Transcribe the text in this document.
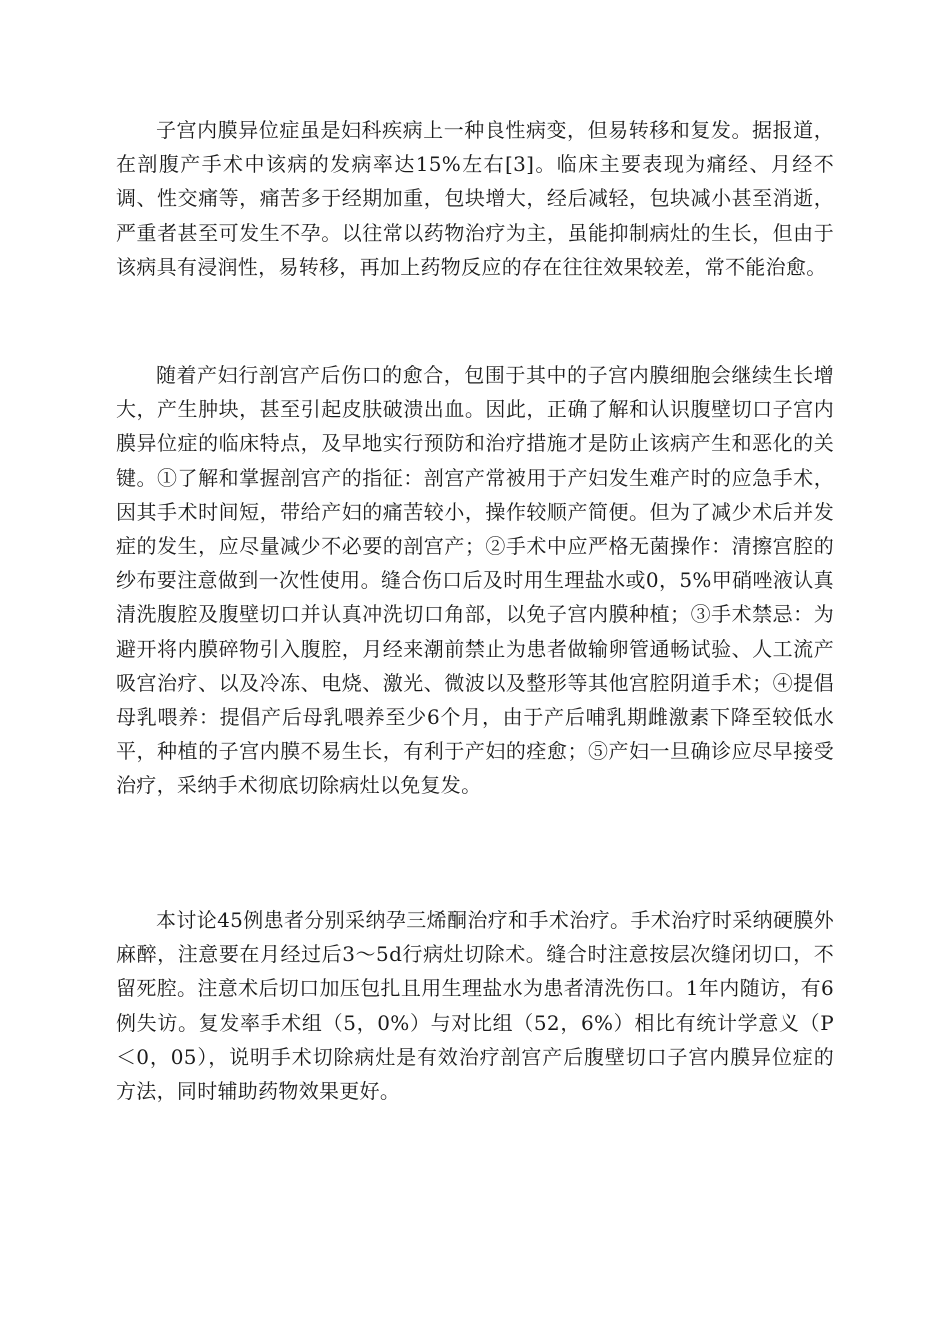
子宫内膜异位症虽是妇科疾病上一种良性病变，但易转移和复发。据报道，在剖腹产手术中该病的发病率达15%左右[3]。临床主要表现为痛经、月经不调、性交痛等，痛苦多于经期加重，包块增大，经后减轻，包块减小甚至消逝，严重者甚至可发生不孕。以往常以药物治疗为主，虽能抑制病灶的生长，但由于该病具有浸润性，易转移，再加上药物反应的存在往往效果较差，常不能治愈。

随着产妇行剖宫产后伤口的愈合，包围于其中的子宫内膜细胞会继续生长增大，产生肿块，甚至引起皮肤破溃出血。因此，正确了解和认识腹壁切口子宫内膜异位症的临床特点，及早地实行预防和治疗措施才是防止该病产生和恶化的关键。①了解和掌握剖宫产的指征：剖宫产常被用于产妇发生难产时的应急手术，因其手术时间短，带给产妇的痛苦较小，操作较顺产简便。但为了减少术后并发症的发生，应尽量减少不必要的剖宫产；②手术中应严格无菌操作：清擦宫腔的纱布要注意做到一次性使用。缝合伤口后及时用生理盐水或0，5%甲硝唑液认真清洗腹腔及腹壁切口并认真冲洗切口角部，以免子宫内膜种植；③手术禁忌：为避开将内膜碎物引入腹腔，月经来潮前禁止为患者做输卵管通畅试验、人工流产吸宫治疗、以及冷冻、电烧、激光、微波以及整形等其他宫腔阴道手术；④提倡母乳喂养：提倡产后母乳喂养至少6个月，由于产后哺乳期雌激素下降至较低水平，种植的子宫内膜不易生长，有利于产妇的痊愈；⑤产妇一旦确诊应尽早接受治疗，采纳手术彻底切除病灶以免复发。

本讨论45例患者分别采纳孕三烯酮治疗和手术治疗。手术治疗时采纳硬膜外麻醉，注意要在月经过后3～5d行病灶切除术。缝合时注意按层次缝闭切口，不留死腔。注意术后切口加压包扎且用生理盐水为患者清洗伤口。1年内随访，有6例失访。复发率手术组（5，0%）与对比组（52，6%）相比有统计学意义（P＜0，05），说明手术切除病灶是有效治疗剖宫产后腹壁切口子宫内膜异位症的方法，同时辅助药物效果更好。
